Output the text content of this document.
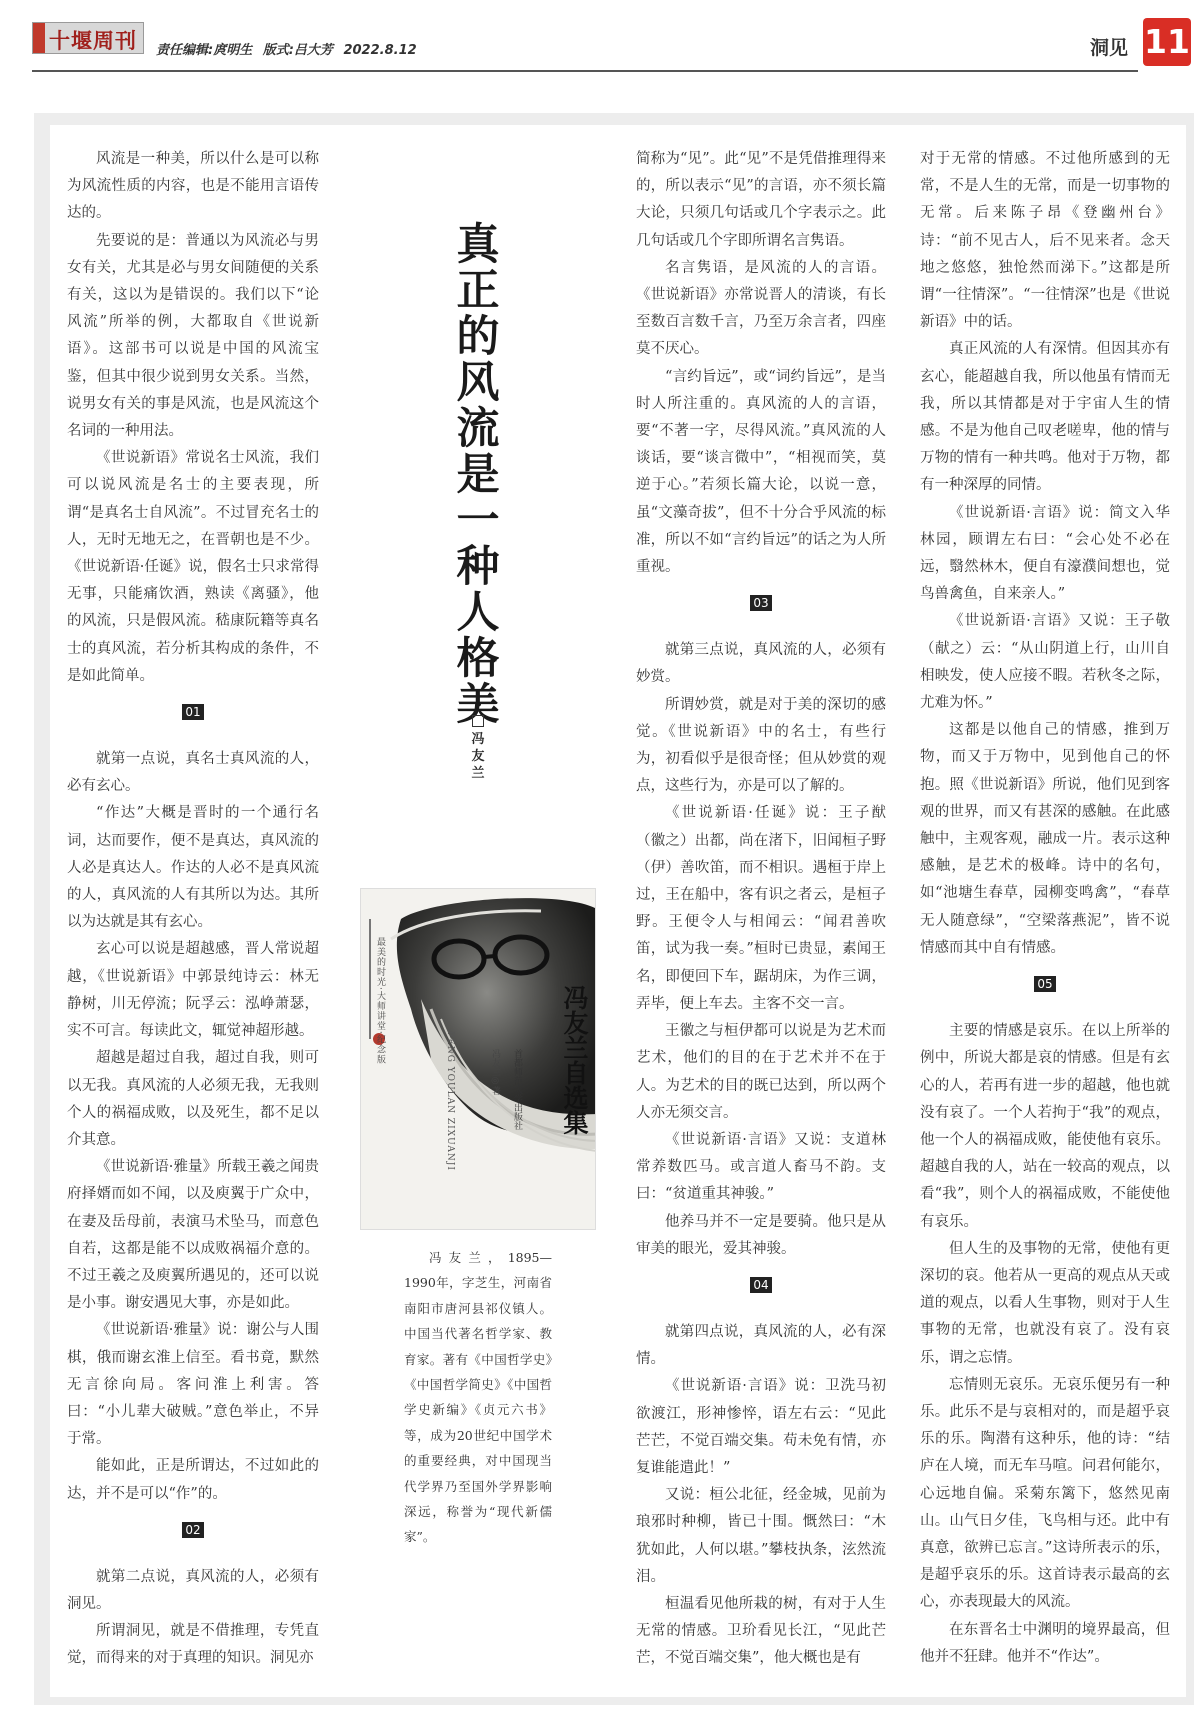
十堰周刊 责任编辑:庹明生 版式:吕大芳 2022.8.12	洞见 11

风流是一种美，所以什么是可以称为风流性质的内容，也是不能用言语传达的。

先要说的是：普通以为风流必与男女有关，尤其是必与男女间随便的关系有关，这以为是错误的。我们以下“论风流”所举的例，大都取自《世说新语》。这部书可以说是中国的风流宝鉴，但其中很少说到男女关系。当然，说男女有关的事是风流，也是风流这个名词的一种用法。

《世说新语》常说名士风流，我们可以说风流是名士的主要表现，所谓“是真名士自风流”。不过冒充名士的人，无时无地无之，在晋朝也是不少。《世说新语·任诞》说，假名士只求常得无事，只能痛饮酒，熟读《离骚》，他的风流，只是假风流。嵇康阮籍等真名士的真风流，若分析其构成的条件，不是如此简单。

01

就第一点说，真名士真风流的人，必有玄心。

“作达”大概是晋时的一个通行名词，达而要作，便不是真达，真风流的人必是真达人。作达的人必不是真风流的人，真风流的人有其所以为达。其所以为达就是其有玄心。

玄心可以说是超越感，晋人常说超越，《世说新语》中郭景纯诗云：林无静树，川无停流；阮孚云：泓峥萧瑟，实不可言。每读此文，辄觉神超形越。

超越是超过自我，超过自我，则可以无我。真风流的人必须无我，无我则个人的祸福成败，以及死生，都不足以介其意。

《世说新语·雅量》所载王羲之闻贵府择婿而如不闻，以及庾翼于广众中，在妻及岳母前，表演马术坠马，而意色自若，这都是能不以成败祸福介意的。不过王羲之及庾翼所遇见的，还可以说是小事。谢安遇见大事，亦是如此。

《世说新语·雅量》说：谢公与人围棋，俄而谢玄淮上信至。看书竟，默然无言徐向局。客问淮上利害。答曰：“小儿辈大破贼。”意色举止，不异于常。

能如此，正是所谓达，不过如此的达，并不是可以“作”的。

02

就第二点说，真风流的人，必须有洞见。

所谓洞见，就是不借推理，专凭直觉，而得来的对于真理的知识。洞见亦

真正的风流是一种人格美
冯友兰
最美的时光·大师讲堂·纪念版	冯友兰自选集
FENG YOULAN ZIXUANJI	冯友兰◎著 首都师范大学出版社

冯友兰，1895—1990年，字芝生，河南省南阳市唐河县祁仪镇人。中国当代著名哲学家、教育家。著有《中国哲学史》《中国哲学简史》《中国哲学史新编》《贞元六书》等，成为20世纪中国学术的重要经典，对中国现当代学界乃至国外学界影响深远，称誉为“现代新儒家”。

简称为“见”。此“见”不是凭借推理得来的，所以表示“见”的言语，亦不须长篇大论，只须几句话或几个字表示之。此几句话或几个字即所谓名言隽语。

名言隽语，是风流的人的言语。《世说新语》亦常说晋人的清谈，有长至数百言数千言，乃至万余言者，四座莫不厌心。

“言约旨远”，或“词约旨远”，是当时人所注重的。真风流的人的言语，要“不著一字，尽得风流。”真风流的人谈话，要“谈言微中”，“相视而笑，莫逆于心。”若须长篇大论，以说一意，虽“文藻奇拔”，但不十分合乎风流的标准，所以不如“言约旨远”的话之为人所重视。

03

就第三点说，真风流的人，必须有妙赏。

所谓妙赏，就是对于美的深切的感觉。《世说新语》中的名士，有些行为，初看似乎是很奇怪；但从妙赏的观点，这些行为，亦是可以了解的。

《世说新语·任诞》说：王子猷（徽之）出都，尚在渚下，旧闻桓子野（伊）善吹笛，而不相识。遇桓于岸上过，王在船中，客有识之者云，是桓子野。王便令人与相闻云：“闻君善吹笛，试为我一奏。”桓时已贵显，素闻王名，即便回下车，踞胡床，为作三调，弄毕，便上车去。主客不交一言。

王徽之与桓伊都可以说是为艺术而艺术，他们的目的在于艺术并不在于人。为艺术的目的既已达到，所以两个人亦无须交言。

《世说新语·言语》又说：支道林常养数匹马。或言道人畜马不韵。支曰：“贫道重其神骏。”

他养马并不一定是要骑。他只是从审美的眼光，爱其神骏。

04

就第四点说，真风流的人，必有深情。

《世说新语·言语》说：卫洗马初欲渡江，形神惨悴，语左右云：“见此芒芒，不觉百端交集。苟未免有情，亦复谁能遣此！”

又说：桓公北征，经金城，见前为琅邪时种柳，皆已十围。慨然曰：“木犹如此，人何以堪。”攀枝执条，泫然流泪。

桓温看见他所栽的树，有对于人生无常的情感。卫玠看见长江，“见此芒芒，不觉百端交集”，他大概也是有

对于无常的情感。不过他所感到的无常，不是人生的无常，而是一切事物的无常。后来陈子昂《登幽州台》诗：“前不见古人，后不见来者。念天地之悠悠，独怆然而涕下。”这都是所谓“一往情深”。“一往情深”也是《世说新语》中的话。

真正风流的人有深情。但因其亦有玄心，能超越自我，所以他虽有情而无我，所以其情都是对于宇宙人生的情感。不是为他自己叹老嗟卑，他的情与万物的情有一种共鸣。他对于万物，都有一种深厚的同情。

《世说新语·言语》说：简文入华林园，顾谓左右曰：“会心处不必在远，翳然林木，便自有濠濮间想也，觉鸟兽禽鱼，自来亲人。”

《世说新语·言语》又说：王子敬（献之）云：“从山阴道上行，山川自相映发，使人应接不暇。若秋冬之际，尤难为怀。”

这都是以他自己的情感，推到万物，而又于万物中，见到他自己的怀抱。照《世说新语》所说，他们见到客观的世界，而又有甚深的感触。在此感触中，主观客观，融成一片。表示这种感触，是艺术的极峰。诗中的名句，如“池塘生春草，园柳变鸣禽”，“春草无人随意绿”，“空梁落燕泥”，皆不说情感而其中自有情感。

05

主要的情感是哀乐。在以上所举的例中，所说大都是哀的情感。但是有玄心的人，若再有进一步的超越，他也就没有哀了。一个人若拘于“我”的观点，他一个人的祸福成败，能使他有哀乐。超越自我的人，站在一较高的观点，以看“我”，则个人的祸福成败，不能使他有哀乐。

但人生的及事物的无常，使他有更深切的哀。他若从一更高的观点从天或道的观点，以看人生事物，则对于人生事物的无常，也就没有哀了。没有哀乐，谓之忘情。

忘情则无哀乐。无哀乐便另有一种乐。此乐不是与哀相对的，而是超乎哀乐的乐。陶潜有这种乐，他的诗：“结庐在人境，而无车马喧。问君何能尔，心远地自偏。采菊东篱下，悠然见南山。山气日夕佳，飞鸟相与还。此中有真意，欲辨已忘言。”这诗所表示的乐，是超乎哀乐的乐。这首诗表示最高的玄心，亦表现最大的风流。

在东晋名士中渊明的境界最高，但他并不狂肆。他并不“作达”。
